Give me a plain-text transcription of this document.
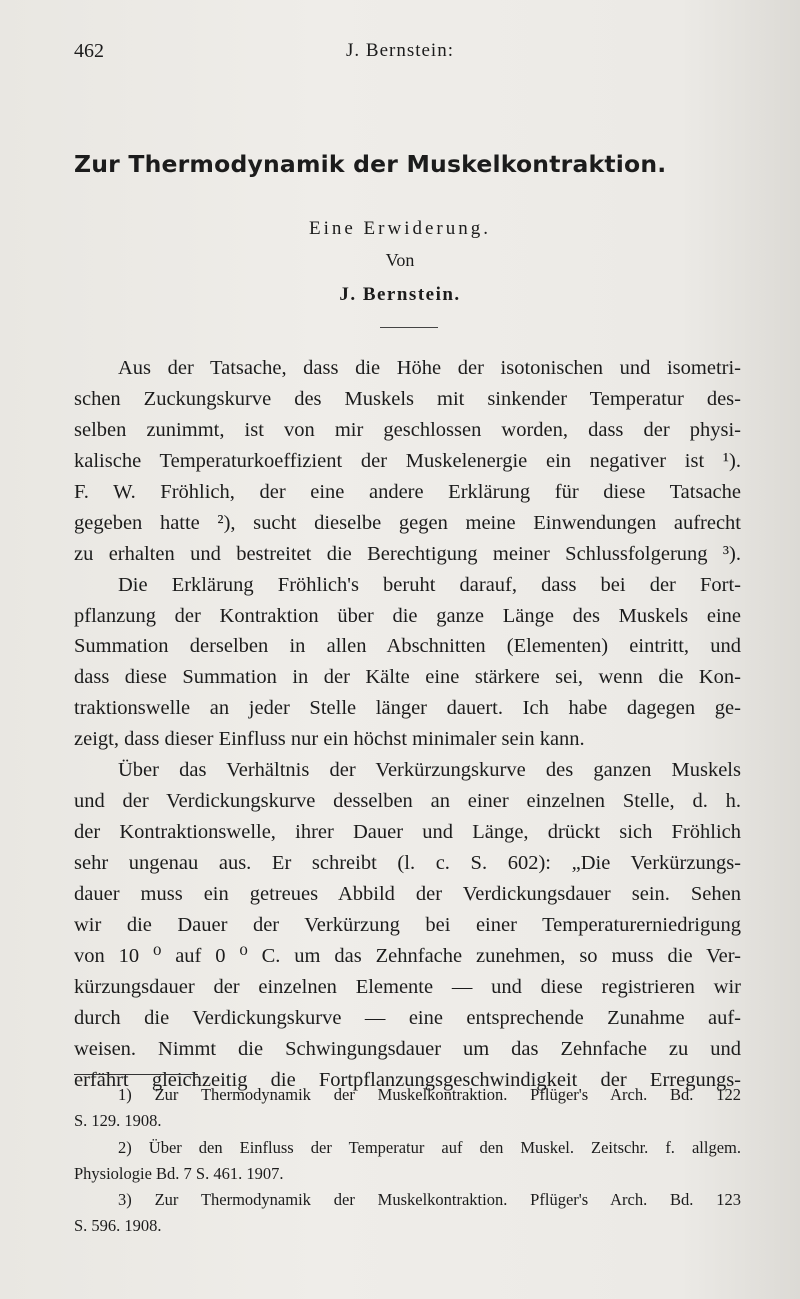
462	J. Bernstein:
Zur Thermodynamik der Muskelkontraktion.
Eine Erwiderung.
Von
J. Bernstein.
Aus der Tatsache, dass die Höhe der isotonischen und isometri-
schen Zuckungskurve des Muskels mit sinkender Temperatur des-
selben zunimmt, ist von mir geschlossen worden, dass der physi-
kalische Temperaturkoeffizient der Muskelenergie ein negativer ist ¹).
F. W. Fröhlich, der eine andere Erklärung für diese Tatsache
gegeben hatte ²), sucht dieselbe gegen meine Einwendungen aufrecht
zu erhalten und bestreitet die Berechtigung meiner Schlussfolgerung ³).
Die Erklärung Fröhlich's beruht darauf, dass bei der Fort-
pflanzung der Kontraktion über die ganze Länge des Muskels eine
Summation derselben in allen Abschnitten (Elementen) eintritt, und
dass diese Summation in der Kälte eine stärkere sei, wenn die Kon-
traktionswelle an jeder Stelle länger dauert. Ich habe dagegen ge-
zeigt, dass dieser Einfluss nur ein höchst minimaler sein kann.
Über das Verhältnis der Verkürzungskurve des ganzen Muskels
und der Verdickungskurve desselben an einer einzelnen Stelle, d. h.
der Kontraktionswelle, ihrer Dauer und Länge, drückt sich Fröhlich
sehr ungenau aus. Er schreibt (l. c. S. 602): „Die Verkürzungs-
dauer muss ein getreues Abbild der Verdickungsdauer sein. Sehen
wir die Dauer der Verkürzung bei einer Temperaturerniedrigung
von 10 ⁰ auf 0 ⁰ C. um das Zehnfache zunehmen, so muss die Ver-
kürzungsdauer der einzelnen Elemente — und diese registrieren wir
durch die Verdickungskurve — eine entsprechende Zunahme auf-
weisen. Nimmt die Schwingungsdauer um das Zehnfache zu und
erfährt gleichzeitig die Fortpflanzungsgeschwindigkeit der Erregungs-
1) Zur Thermodynamik der Muskelkontraktion. Pflüger's Arch. Bd. 122
S. 129. 1908.
2) Über den Einfluss der Temperatur auf den Muskel. Zeitschr. f. allgem.
Physiologie Bd. 7 S. 461. 1907.
3) Zur Thermodynamik der Muskelkontraktion. Pflüger's Arch. Bd. 123
S. 596. 1908.
